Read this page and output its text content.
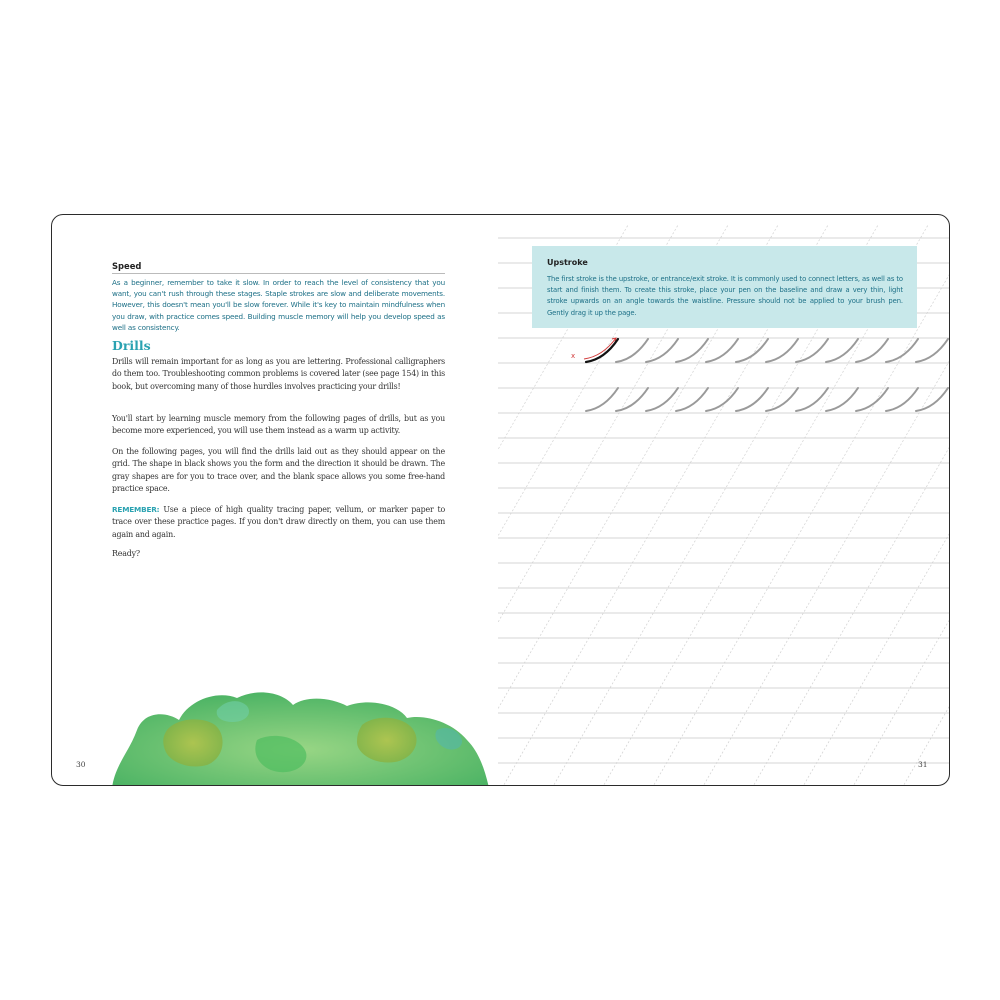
Speed
As a beginner, remember to take it slow. In order to reach the level of consistency that you want, you can't rush through these stages. Staple strokes are slow and deliberate movements. However, this doesn't mean you'll be slow forever. While it's key to maintain mindfulness when you draw, with practice comes speed. Building muscle memory will help you develop speed as well as consistency.
Drills

Drills will remain important for as long as you are lettering. Professional calligraphers do them too. Troubleshooting common problems is covered later (see page 154) in this book, but overcoming many of those hurdles involves practicing your drills!

You'll start by learning muscle memory from the following pages of drills, but as you become more experienced, you will use them instead as a warm up activity.

On the following pages, you will find the drills laid out as they should appear on the grid. The shape in black shows you the form and the direction it should be drawn. The gray shapes are for you to trace over, and the blank space allows you some free-hand practice space.

REMEMBER: Use a piece of high quality tracing paper, vellum, or marker paper to trace over these practice pages. If you don't draw directly on them, you can use them again and again.

Ready?

30
Upstroke
The first stroke is the upstroke, or entrance/exit stroke. It is commonly used to connect letters, as well as to start and finish them. To create this stroke, place your pen on the baseline and draw a very thin, light stroke upwards on an angle towards the waistline. Pressure should not be applied to your brush pen. Gently drag it up the page.
x
31
